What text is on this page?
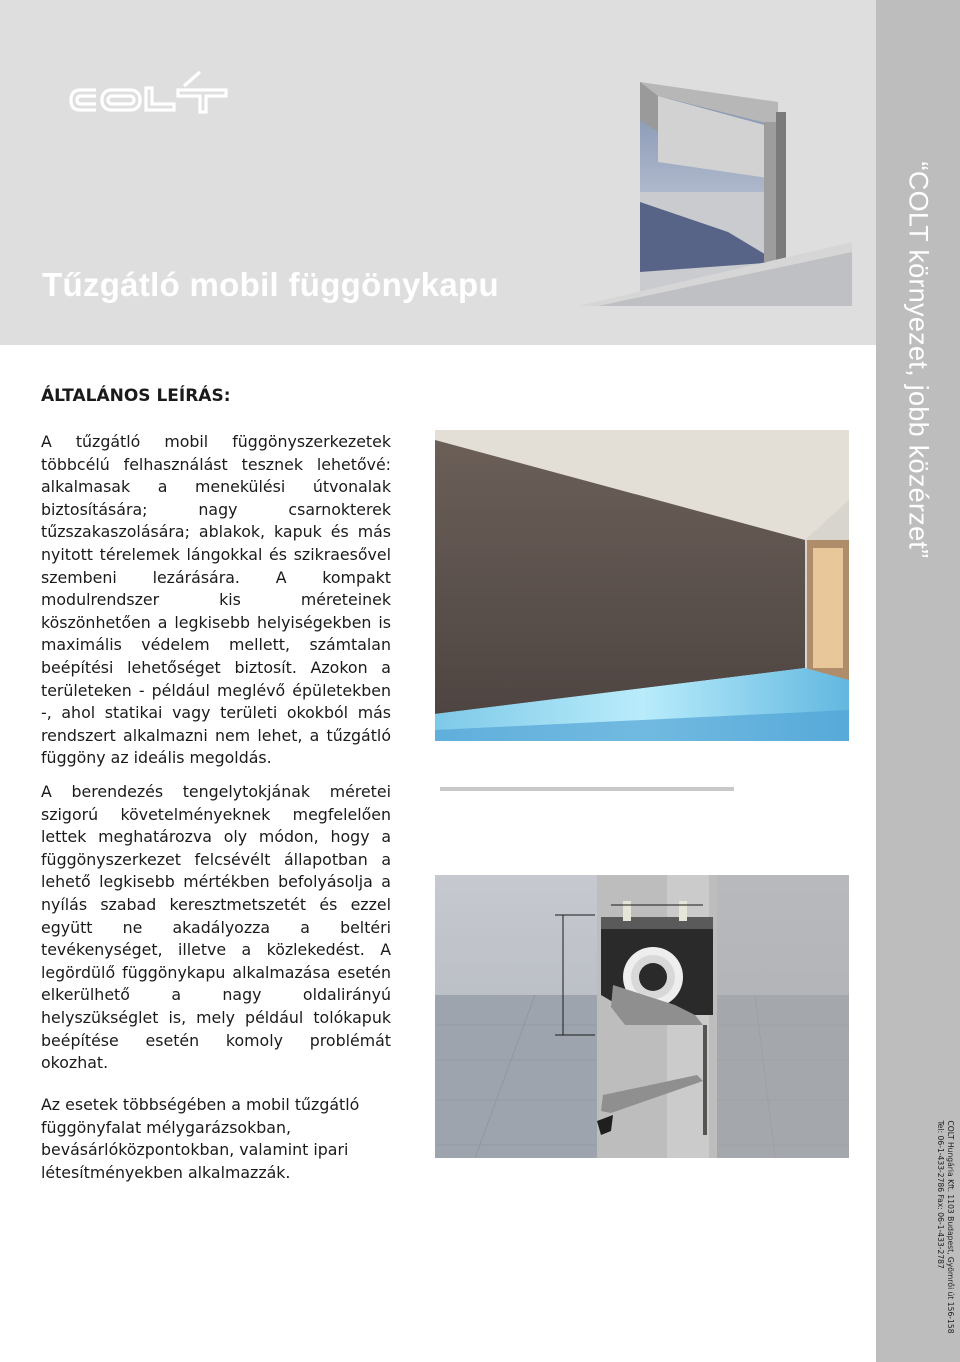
Tűzgátló mobil függönykapu
ÁLTALÁNOS LEÍRÁS:

A tűzgátló mobil függönyszerkezetek többcélú felhasználást tesznek lehetővé: alkalmasak a menekülési útvonalak biztosítására; nagy csarnokterek tűzszakaszolására; ablakok, kapuk és más nyitott térelemek lángokkal és szikraesővel szembeni lezárására. A kompakt modulrendszer kis méreteinek köszönhetően a legkisebb helyiségekben is maximális védelem mellett, számtalan beépítési lehetőséget biztosít. Azokon a területeken - például meglévő épületekben -, ahol statikai vagy területi okokból más rendszert alkalmazni nem lehet, a tűzgátló függöny az ideális megoldás.

A berendezés tengelytokjának méretei szigorú követelményeknek megfelelően lettek meghatározva oly módon, hogy a függönyszerkezet felcsévélt állapotban a lehető legkisebb mértékben befolyásolja a nyílás szabad keresztmetszetét és ezzel együtt ne akadályozza a beltéri tevékenységet, illetve a közlekedést. A legördülő függönykapu alkalmazása esetén elkerülhető a nagy oldalirányú helyszükséglet is, mely például tolókapuk beépítése esetén komoly problémát okozhat.

Az esetek többségében a mobil tűzgátló függönyfalat mélygarázsokban, bevásárlóközpontokban, valamint ipari létesítményekben alkalmazzák.

“COLT környezet, jobb közérzet”
COLT Hungária Kft. 1103 Budapest, Gyömrői út 156-158
Tel: 06-1-433-2786 Fax: 06-1-433-2787
